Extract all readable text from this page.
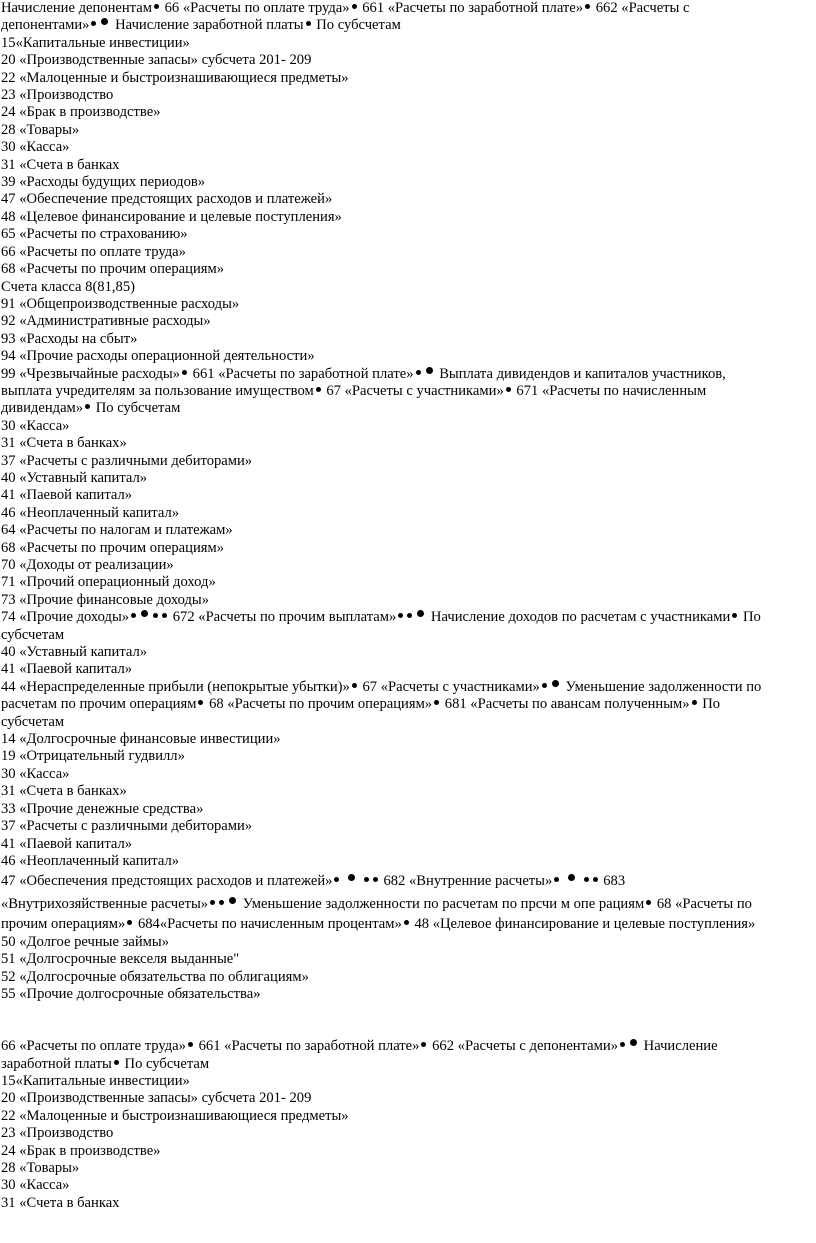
Начисление депонентам 66 «Расчеты по оплате труда» 661 «Расчеты по заработной плате» 662 «Расчеты с
депонентами» Начисление заработной платы По субсчетам
15«Капитальные инвестиции»
20 «Производственные запасы» субсчета 201- 209
22 «Малоценные и быстроизнашивающиеся предметы»
23 «Производство
24 «Брак в производстве»
28 «Товары»
30 «Касса»
31 «Счета в банках
39 «Расходы будущих периодов»
47 «Обеспечение предстоящих расходов и платежей»
48 «Целевое финансирование и целевые поступления»
65 «Расчеты по страхованию»
66 «Расчеты по оплате труда»
68 «Расчеты по прочим операциям»
Счета класса 8(81,85)
91 «Общепроизводственные расходы»
92 «Административные расходы»
93 «Расходы на сбыт»
94 «Прочие расходы операционной деятельности»
99 «Чрезвычайные расходы» 661 «Расчеты по заработной плате» Выплата дивидендов и капиталов участников,
выплата учредителям за пользование имуществом 67 «Расчеты с участниками» 671 «Расчеты по начисленным
дивидендам» По субсчетам
30 «Касса»
31 «Счета в банках»
37 «Расчеты с различными дебиторами»
40 «Уставный капитал»
41 «Паевой капитал»
46 «Неоплаченный капитал»
64 «Расчеты по налогам и платежам»
68 «Расчеты по прочим операциям»
70 «Доходы от реализации»
71 «Прочий операционный доход»
73 «Прочие финансовые доходы»
74 «Прочие доходы»	672 «Расчеты по прочим выплатам» Начисление доходов по расчетам с участниками По
субсчетам
40 «Уставный капитал»
41 «Паевой капитал»
44 «Нераспределенные прибыли (непокрытые убытки)» 67 «Расчеты с участниками» Уменьшение задолженности по
расчетам по прочим операциям 68 «Расчеты по прочим операциям» 681 «Расчеты по авансам полученным» По
субсчетам
14 «Долгосрочные финансовые инвестиции»
19 «Отрицательный гудвилл»
30 «Касса»
31 «Счета в банках»
33 «Прочие денежные средства»
37 «Расчеты с различными дебиторами»
41 «Паевой капитал»
46 «Неоплаченный капитал»
47 «Обеспечения предстоящих расходов и платежей»	682 «Внутренние расчеты»	683
«Внутрихозяйственные расчеты» Уменьшение задолженности по расчетам по прсчи м опе рациям 68 «Расчеты по
прочим операциям» 684«Расчеты по начисленным процентам» 48 «Целевое финансирование и целевые поступления»
50 «Долгое речные займы»
51 «Долгосрочные векселя выданные"
52 «Долгосрочные обязательства по облигациям»
55 «Прочие долгосрочные обязательства»
66 «Расчеты по оплате труда» 661 «Расчеты по заработной плате» 662 «Расчеты с депонентами» Начисление
заработной платы По субсчетам
15«Капитальные инвестиции»
20 «Производственные запасы» субсчета 201- 209
22 «Малоценные и быстроизнашивающиеся предметы»
23 «Производство
24 «Брак в производстве»
28 «Товары»
30 «Касса»
31 «Счета в банках
